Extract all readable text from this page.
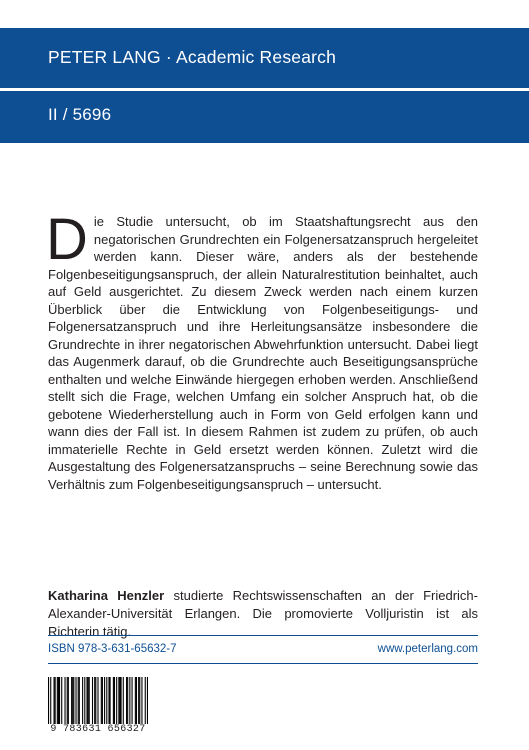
PETER LANG · Academic Research
II / 5696

Die Studie untersucht, ob im Staatshaftungsrecht aus den negatorischen Grundrechten ein Folgenersatzanspruch hergeleitet werden kann. Dieser wäre, anders als der bestehende Folgenbeseitigungsanspruch, der allein Naturalrestitution beinhaltet, auch auf Geld ausgerichtet. Zu diesem Zweck werden nach einem kurzen Überblick über die Entwicklung von Folgenbeseitigungs- und Folgenersatzanspruch und ihre Herleitungsansätze insbesondere die Grundrechte in ihrer negatorischen Abwehrfunktion untersucht. Dabei liegt das Augenmerk darauf, ob die Grundrechte auch Beseitigungsansprüche enthalten und welche Einwände hiergegen erhoben werden. Anschließend stellt sich die Frage, welchen Umfang ein solcher Anspruch hat, ob die gebotene Wiederherstellung auch in Form von Geld erfolgen kann und wann dies der Fall ist. In diesem Rahmen ist zudem zu prüfen, ob auch immaterielle Rechte in Geld ersetzt werden können. Zuletzt wird die Ausgestaltung des Folgenersatzanspruchs – seine Berechnung sowie das Verhältnis zum Folgenbeseitigungsanspruch – untersucht.

Katharina Henzler studierte Rechtswissenschaften an der Friedrich-Alexander-Universität Erlangen. Die promovierte Volljuristin ist als Richterin tätig.

ISBN 978-3-631-65632-7	www.peterlang.com
9 783631 656327
